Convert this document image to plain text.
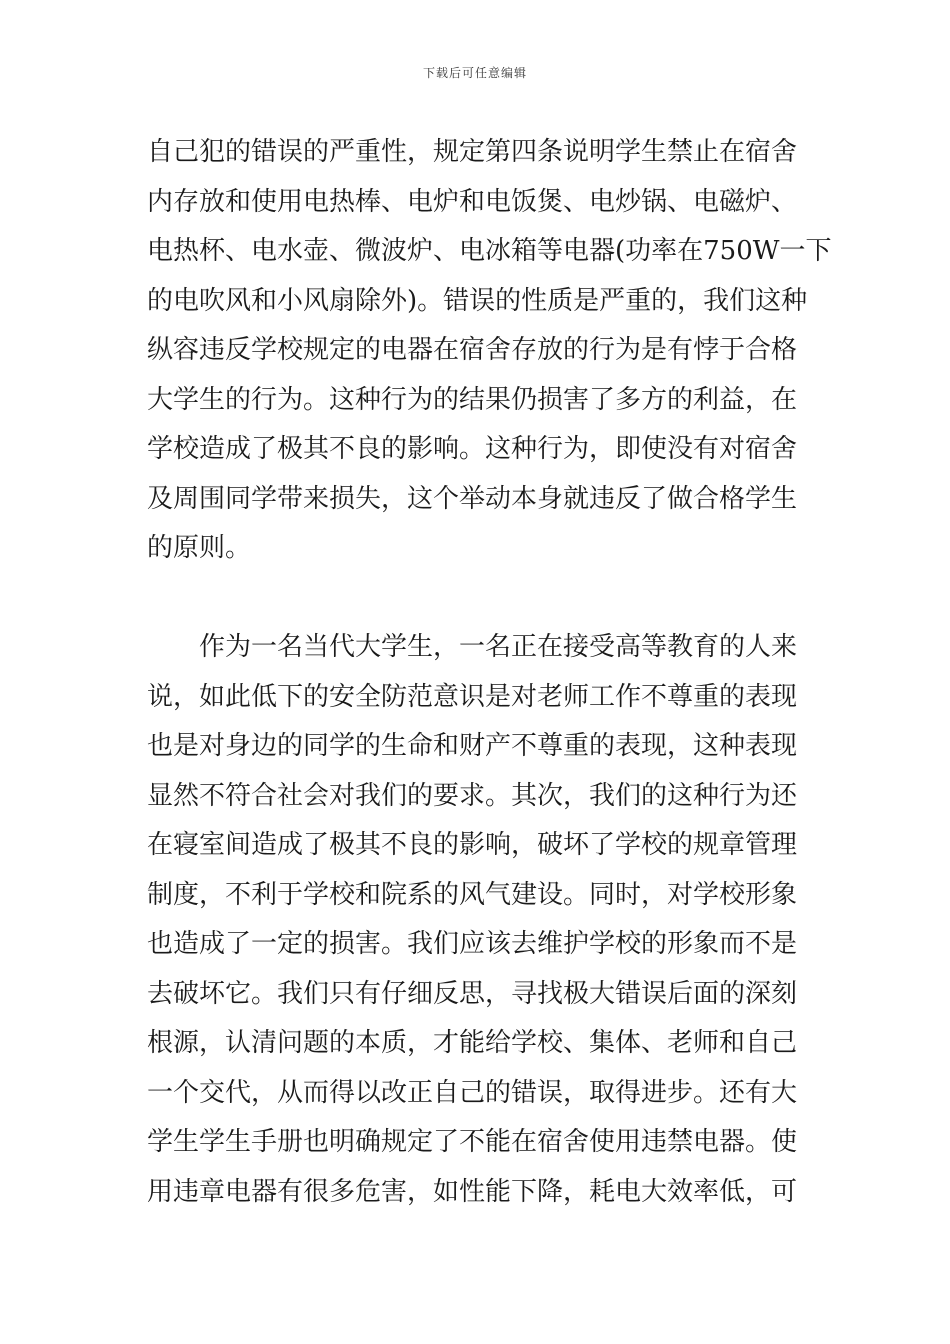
下载后可任意编辑
自己犯的错误的严重性，规定第四条说明学生禁止在宿舍
内存放和使用电热棒、电炉和电饭煲、电炒锅、电磁炉、
电热杯、电水壶、微波炉、电冰箱等电器(功率在750W一下
的电吹风和小风扇除外)。错误的性质是严重的，我们这种
纵容违反学校规定的电器在宿舍存放的行为是有悖于合格
大学生的行为。这种行为的结果仍损害了多方的利益，在
学校造成了极其不良的影响。这种行为，即使没有对宿舍
及周围同学带来损失，这个举动本身就违反了做合格学生
的原则。
　　作为一名当代大学生，一名正在接受高等教育的人来
说，如此低下的安全防范意识是对老师工作不尊重的表现
也是对身边的同学的生命和财产不尊重的表现，这种表现
显然不符合社会对我们的要求。其次，我们的这种行为还
在寝室间造成了极其不良的影响，破坏了学校的规章管理
制度，不利于学校和院系的风气建设。同时，对学校形象
也造成了一定的损害。我们应该去维护学校的形象而不是
去破坏它。我们只有仔细反思，寻找极大错误后面的深刻
根源，认清问题的本质，才能给学校、集体、老师和自己
一个交代，从而得以改正自己的错误，取得进步。还有大
学生学生手册也明确规定了不能在宿舍使用违禁电器。使
用违章电器有很多危害，如性能下降，耗电大效率低，可
